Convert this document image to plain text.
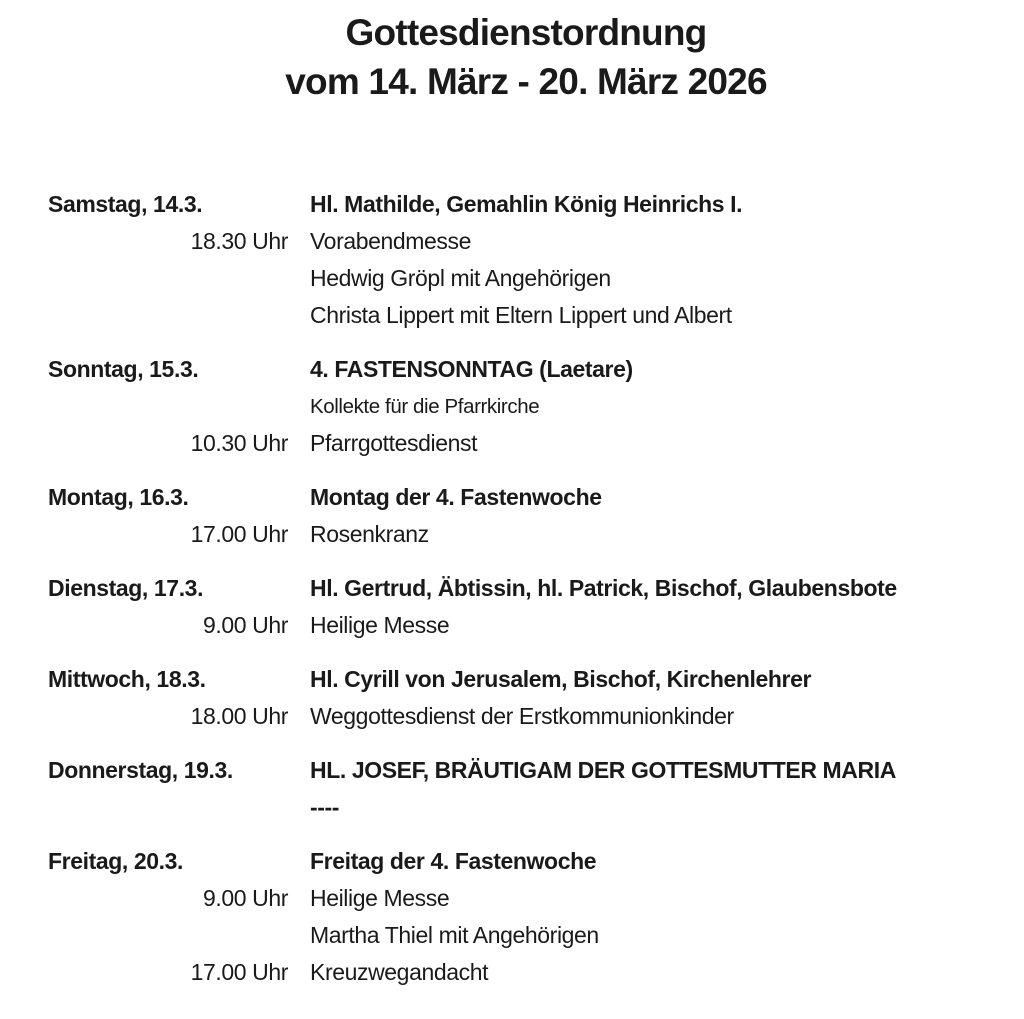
Gottesdienstordnung
vom 14. März - 20. März 2026
Samstag, 14.3.	Hl. Mathilde, Gemahlin König Heinrichs I.
18.30 Uhr Vorabendmesse
Hedwig Gröpl mit Angehörigen
Christa Lippert mit Eltern Lippert und Albert
Sonntag, 15.3.	4. FASTENSONNTAG (Laetare)
Kollekte für die Pfarrkirche
10.30 Uhr Pfarrgottesdienst
Montag, 16.3.	Montag der 4. Fastenwoche
17.00 Uhr Rosenkranz
Dienstag, 17.3.	Hl. Gertrud, Äbtissin, hl. Patrick, Bischof, Glaubensbote
9.00 Uhr Heilige Messe
Mittwoch, 18.3.	Hl. Cyrill von Jerusalem, Bischof, Kirchenlehrer
18.00 Uhr Weggottesdienst der Erstkommunionkinder
Donnerstag, 19.3.	HL. JOSEF, BRÄUTIGAM DER GOTTESMUTTER MARIA
----
Freitag, 20.3.	Freitag der 4. Fastenwoche
9.00 Uhr Heilige Messe
Martha Thiel mit Angehörigen
17.00 Uhr Kreuzwegandacht
